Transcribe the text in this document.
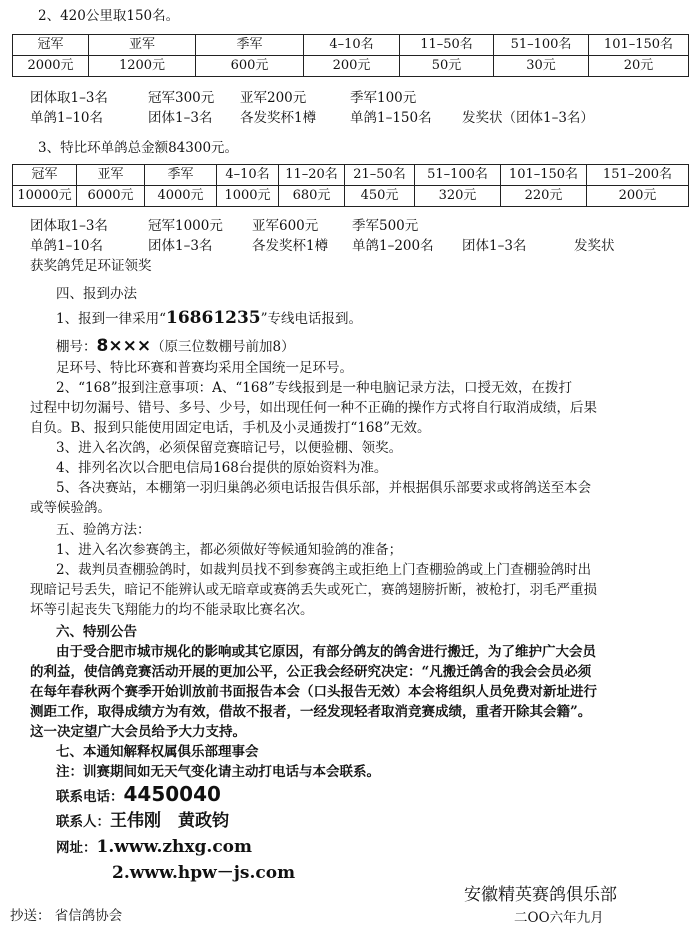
2、420公里取150名。
冠军	亚军	季军	4–10名	11–50名	51–100名	101–150名
2000元	1200元	600元	200元	50元	30元	20元
团体取1–3名	冠军300元 亚军200元	季军100元
单鸽1–10名	团体1–3名 各发奖杯1樽	单鸽1–150名 发奖状（团体1–3名）
3、特比环单鸽总金额84300元。
冠军	亚军	季军	4–10名	11–20名	21–50名	51–100名	101–150名	151–200名
10000元	6000元	4000元	1000元	680元	450元	320元	220元	200元
团体取1–3名	冠军1000元 亚军600元 季军500元
单鸽1–10名	团体1–3名	各发奖杯1樽 单鸽1–200名 团体1–3名	发奖状
获奖鸽凭足环证领奖
四、报到办法
1、报到一律采用“16861235”专线电话报到。
棚号：8×××（原三位数棚号前加8）
足环号、特比环赛和普赛均采用全国统一足环号。
2、“168”报到注意事项：A、“168”专线报到是一种电脑记录方法，口授无效，在拨打
过程中切勿漏号、错号、多号、少号，如出现任何一种不正确的操作方式将自行取消成绩，后果
自负。B、报到只能使用固定电话，手机及小灵通拨打“168”无效。
3、进入名次鸽，必须保留竞赛暗记号，以便验棚、领奖。
4、排列名次以合肥电信局168台提供的原始资料为准。
5、各决赛站，本棚第一羽归巢鸽必须电话报告俱乐部，并根据俱乐部要求或将鸽送至本会
或等候验鸽。
五、验鸽方法：
1、进入名次参赛鸽主，都必须做好等候通知验鸽的准备；
2、裁判员查棚验鸽时，如裁判员找不到参赛鸽主或拒绝上门查棚验鸽或上门查棚验鸽时出
现暗记号丢失，暗记不能辨认或无暗章或赛鸽丢失或死亡，赛鸽翅膀折断，被枪打，羽毛严重损
坏等引起丧失飞翔能力的均不能录取比赛名次。
六、特别公告
由于受合肥市城市规化的影响或其它原因，有部分鸽友的鸽舍进行搬迁，为了维护广大会员
的利益，使信鸽竞赛活动开展的更加公平，公正我会经研究决定：“凡搬迁鸽舍的我会会员必须
在每年春秋两个赛季开始训放前书面报告本会（口头报告无效）本会将组织人员免费对新址进行
测距工作，取得成绩方为有效，借故不报者，一经发现轻者取消竞赛成绩，重者开除其会籍”。
这一决定望广大会员给予大力支持。
七、本通知解释权属俱乐部理事会
注：训赛期间如无天气变化请主动打电话与本会联系。
联系电话：4450040
联系人：王伟刚　黄政钧
网址：1.www.zhxg.com
2.www.hpw－js.com
抄送： 省信鸽协会
安徽精英赛鸽俱乐部
二OO六年九月
